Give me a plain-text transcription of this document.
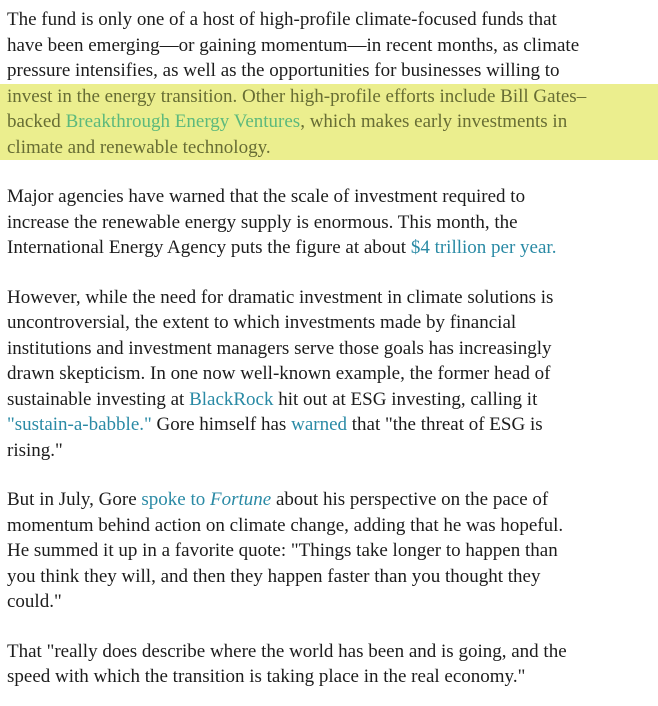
The fund is only one of a host of high-profile climate-focused funds that
have been emerging—or gaining momentum—in recent months, as climate
pressure intensifies, as well as the opportunities for businesses willing to
invest in the energy transition. Other high-profile efforts include Bill Gates–
backed Breakthrough Energy Ventures, which makes early investments in
climate and renewable technology.

Major agencies have warned that the scale of investment required to
increase the renewable energy supply is enormous. This month, the
International Energy Agency puts the figure at about $4 trillion per year.

However, while the need for dramatic investment in climate solutions is
uncontroversial, the extent to which investments made by financial
institutions and investment managers serve those goals has increasingly
drawn skepticism. In one now well-known example, the former head of
sustainable investing at BlackRock hit out at ESG investing, calling it
"sustain-a-babble." Gore himself has warned that "the threat of ESG is
rising."

But in July, Gore spoke to Fortune about his perspective on the pace of
momentum behind action on climate change, adding that he was hopeful.
He summed it up in a favorite quote: "Things take longer to happen than
you think they will, and then they happen faster than you thought they
could."

That "really does describe where the world has been and is going, and the
speed with which the transition is taking place in the real economy."
